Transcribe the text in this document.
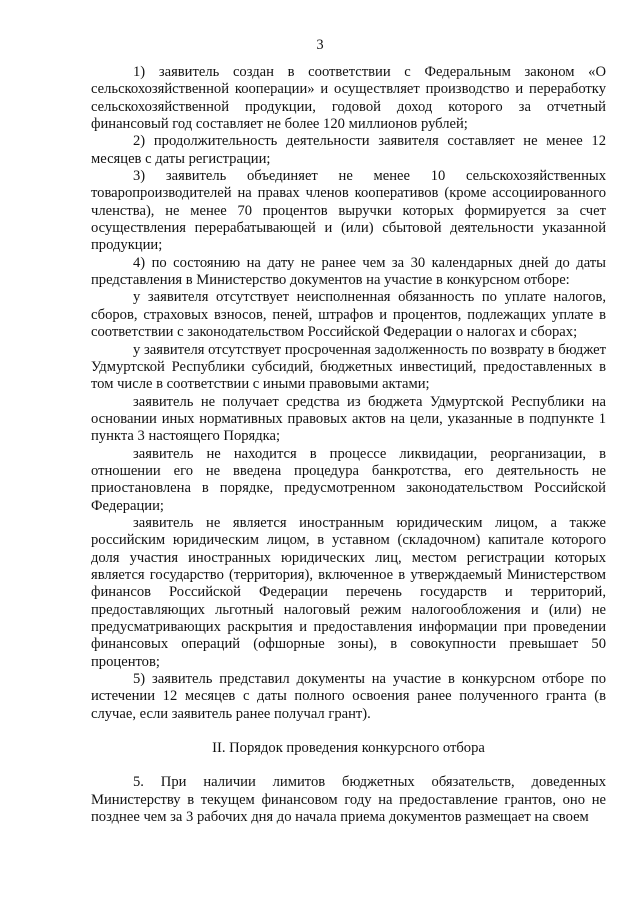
3

1) заявитель создан в соответствии с Федеральным законом «О сельскохозяйственной кооперации» и осуществляет производство и переработку сельскохозяйственной продукции, годовой доход которого за отчетный финансовый год составляет не более 120 миллионов рублей;

2) продолжительность деятельности заявителя составляет не менее 12 месяцев с даты регистрации;

3) заявитель объединяет не менее 10 сельскохозяйственных товаропроизводителей на правах членов кооперативов (кроме ассоциированного членства), не менее 70 процентов выручки которых формируется за счет осуществления перерабатывающей и (или) сбытовой деятельности указанной продукции;

4) по состоянию на дату не ранее чем за 30 календарных дней до даты представления в Министерство документов на участие в конкурсном отборе:

у заявителя отсутствует неисполненная обязанность по уплате налогов, сборов, страховых взносов, пеней, штрафов и процентов, подлежащих уплате в соответствии с законодательством Российской Федерации о налогах и сборах;

у заявителя отсутствует просроченная задолженность по возврату в бюджет Удмуртской Республики субсидий, бюджетных инвестиций, предоставленных в том числе в соответствии с иными правовыми актами;

заявитель не получает средства из бюджета Удмуртской Республики на основании иных нормативных правовых актов на цели, указанные в подпункте 1 пункта 3 настоящего Порядка;

заявитель не находится в процессе ликвидации, реорганизации, в отношении его не введена процедура банкротства, его деятельность не приостановлена в порядке, предусмотренном законодательством Российской Федерации;

заявитель не является иностранным юридическим лицом, а также российским юридическим лицом, в уставном (складочном) капитале которого доля участия иностранных юридических лиц, местом регистрации которых является государство (территория), включенное в утверждаемый Министерством финансов Российской Федерации перечень государств и территорий, предоставляющих льготный налоговый режим налогообложения и (или) не предусматривающих раскрытия и предоставления информации при проведении финансовых операций (офшорные зоны), в совокупности превышает 50 процентов;

5) заявитель представил документы на участие в конкурсном отборе по истечении 12 месяцев с даты полного освоения ранее полученного гранта (в случае, если заявитель ранее получал грант).

II. Порядок проведения конкурсного отбора

5. При наличии лимитов бюджетных обязательств, доведенных Министерству в текущем финансовом году на предоставление грантов, оно не позднее чем за 3 рабочих дня до начала приема документов размещает на своем
